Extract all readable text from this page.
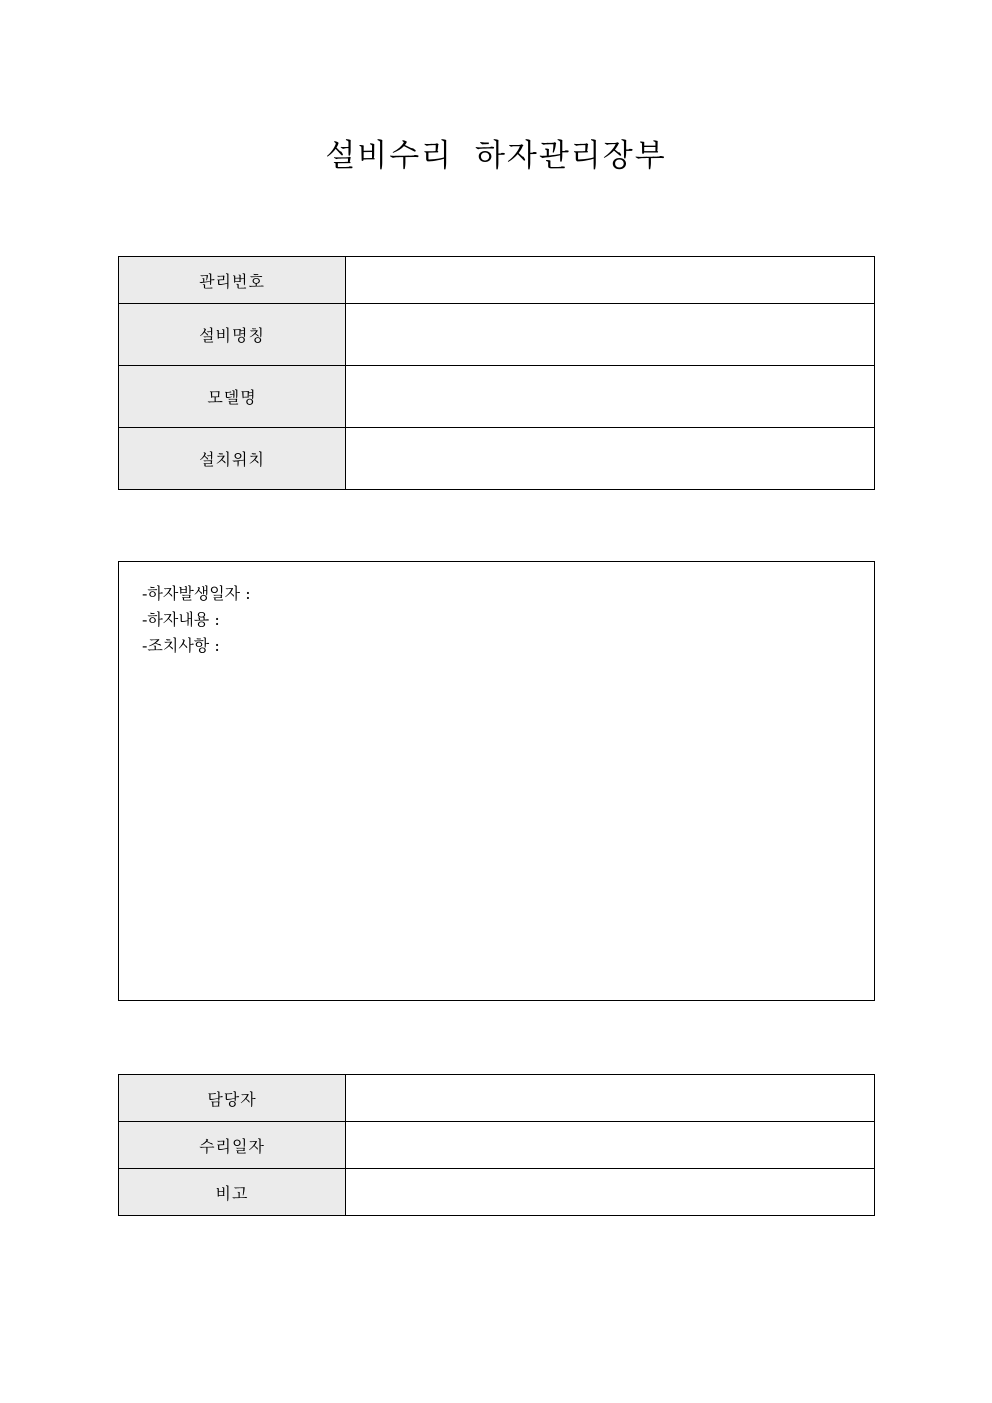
설비수리 하자관리장부
관리번호	
설비명칭	
모델명	
설치위치	
-하자발생일자 :
-하자내용 :
-조치사항 :
담당자	
수리일자	
비고	
